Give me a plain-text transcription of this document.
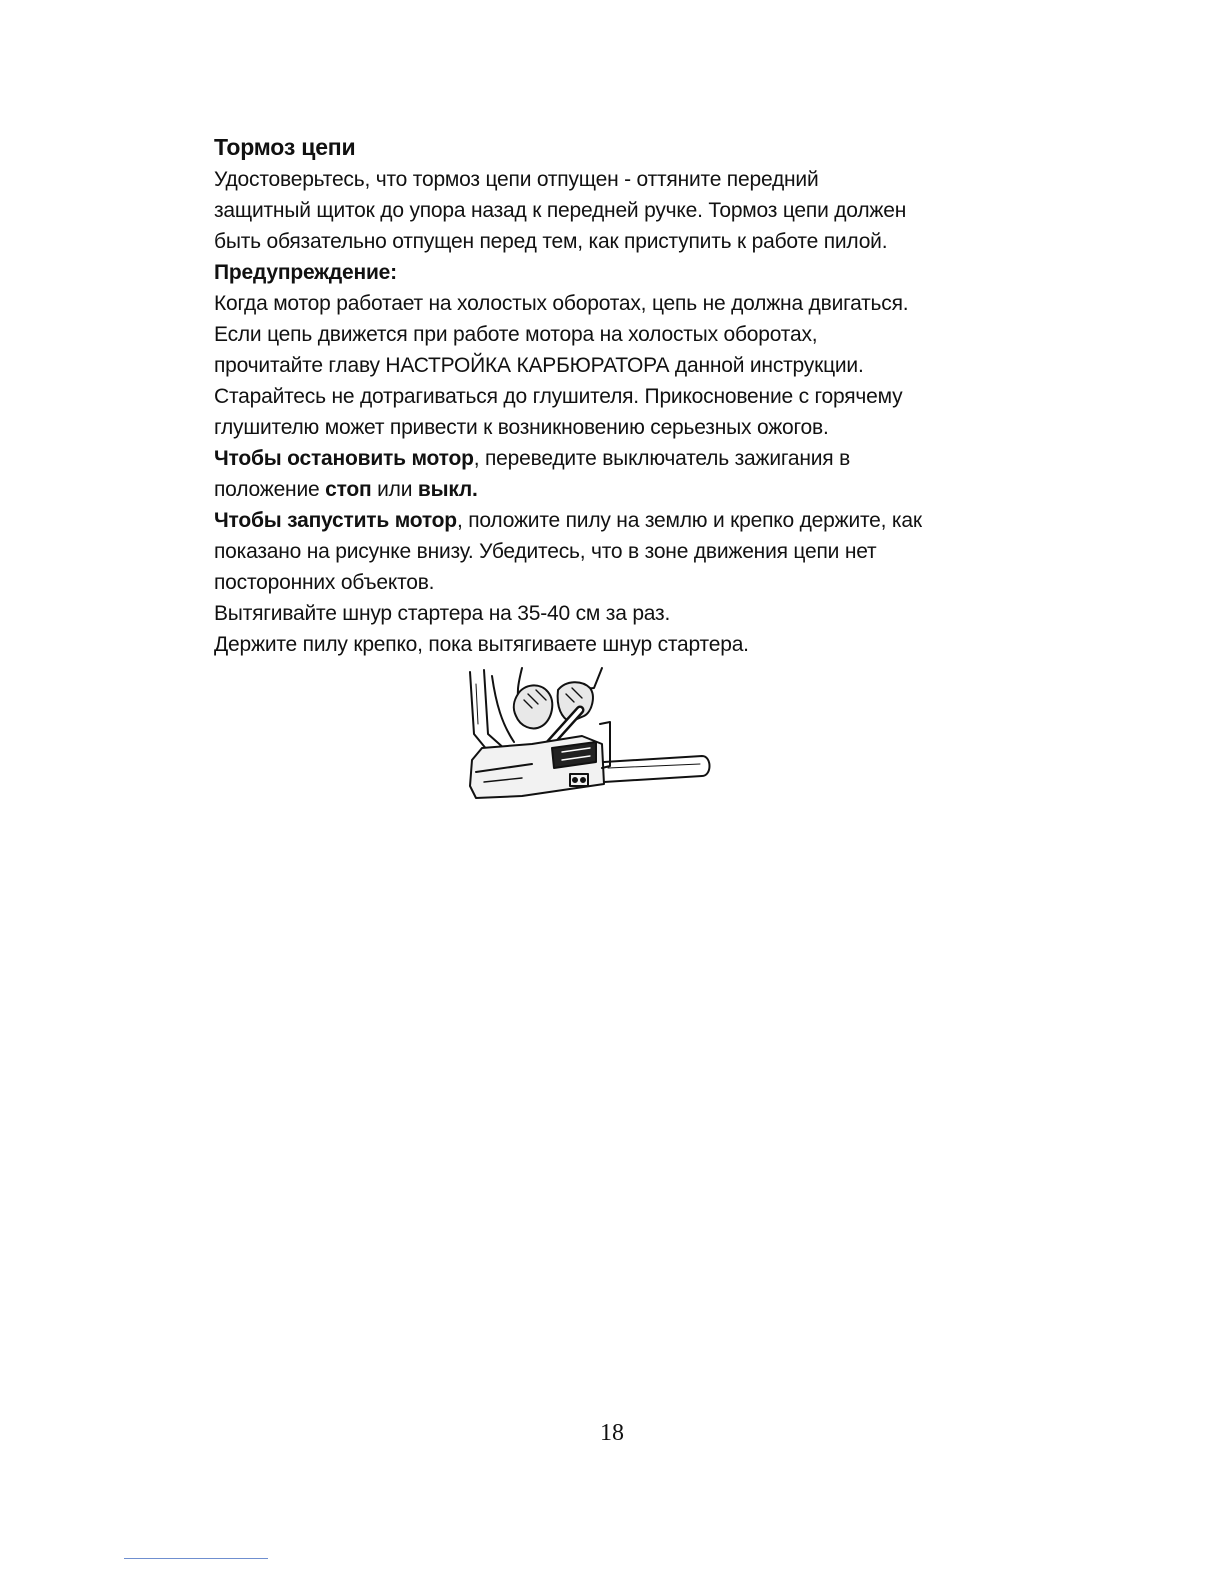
Тормоз цепи
Удостоверьтесь, что тормоз цепи отпущен - оттяните передний
защитный щиток до упора назад к передней ручке. Тормоз цепи должен
быть обязательно отпущен перед тем, как приступить к работе пилой.
Предупреждение:
Когда мотор работает на холостых оборотах, цепь не должна двигаться.
Если цепь движется при работе мотора на холостых оборотах,
прочитайте главу НАСТРОЙКА КАРБЮРАТОРА данной инструкции.
Старайтесь не дотрагиваться до глушителя. Прикосновение с горячему
глушителю может привести к возникновению серьезных ожогов.
Чтобы остановить мотор, переведите выключатель зажигания в
положение стоп или выкл.
Чтобы запустить мотор, положите пилу на землю и крепко держите, как
показано на рисунке внизу. Убедитесь, что в зоне движения цепи нет
посторонних объектов.
Вытягивайте шнур стартера на 35-40 см за раз.
Держите пилу крепко, пока вытягиваете шнур стартера.
18
